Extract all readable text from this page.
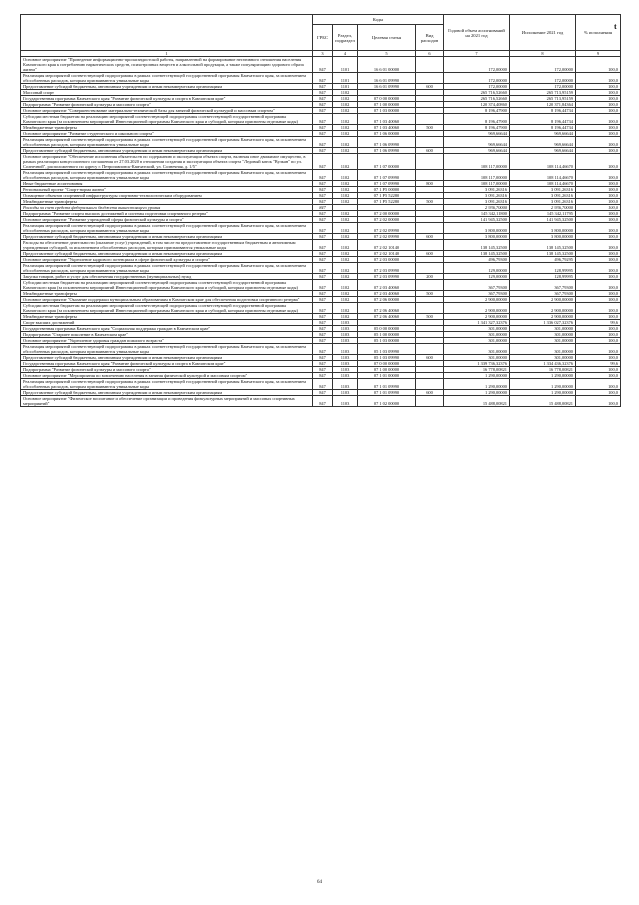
	Коды				Годовой объем ассигнований на 2021 год	Исполнение 2021 год	% исполнения
	ГРБС	Раздел, подраздел	Целевая статья	Вид расходов			
1	3	4	5	6	7	8	9
Основное мероприятие "Проведение информационно-пропагандистской работы, направленной на формирование негативного отношения населения Камчатского края к потреблению наркотических средств, психотропных веществ и алкогольной продукции, а также популяризацию здорового образа жизни"	847	1101	16 6 01 00000		172,00000	172,00000	100,0
Реализация мероприятий соответствующей подпрограммы в рамках соответствующей государственной программы Камчатского края, за исключением обособленных расходов, которым присваиваются уникальные коды	847	1101	16 6 01 09990		172,00000	172,00000	100,0
Предоставление субсидий бюджетным, автономным учреждениям и иным некоммерческим организациям	847	1101	16 6 01 09990	600	172,00000	172,00000	100,0
Массовый спорт	847	1102			265 716,52660	265 713,95159	100,0
Государственная программа Камчатского края "Развитие физической культуры и спорта в Камчатском крае"	847	1102	07 0 00 00000		265 716,52660	265 713,95159	100,0
Подпрограмма "Развитие физической культуры и массового спорта"	847	1102	07 1 00 00000		120 374,40860	120 371,84364	100,0
Основное мероприятие "Совершенствование материально-технической базы для занятий физической культурой и массовым спортом"	847	1102	07 1 03 00000		8 196,47900	8 196,44734	100,0
Субсидии местным бюджетам на реализацию мероприятий соответствующей подпрограммы соответствующей государственной программы Камчатского края (за исключением мероприятий Инвестиционной программы Камчатского края и субсидий, которым присвоены отдельные коды)	847	1102	07 1 03 40060		8 196,47900	8 196,44734	100,0
Межбюджетные трансферты	847	1102	07 1 03 40060	500	8 196,47900	8 196,44734	100,0
Основное мероприятие "Развитие студенческого и школьного спорта"	847	1102	07 1 06 00000		969,66644	969,66644	100,0
Реализация мероприятий соответствующей подпрограммы в рамках соответствующей государственной программы Камчатского края, за исключением обособленных расходов, которым присваиваются уникальные коды	847	1102	07 1 06 09990		969,66644	969,66644	100,0
Предоставление субсидий бюджетным, автономным учреждениям и иным некоммерческим организациям	847	1102	07 1 06 09990	600	969,66644	969,66644	100,0
Основное мероприятие "Обеспечение исполнения обязательств по содержанию и эксплуатации объекта спорта, включая иное движимое имущество, в рамках реализации концессионного соглашения от 27.03.2020 в отношении создания и эксплуатации объекта спорта "Ледовый каток "Вулкан" по ул. Солнечной", расположенного по адресу г. Петропавловск-Камчатский, ул. Солнечная, д. 1/5"	847	1102	07 1 07 00000		108 117,00000	108 114,46670	100,0
Реализация мероприятий соответствующей подпрограммы в рамках соответствующей государственной программы Камчатского края, за исключением обособленных расходов, которым присваиваются уникальные коды	847	1102	07 1 07 09990		108 117,00000	108 114,46670	100,0
Иные бюджетные ассигнования	847	1102	07 1 07 09990	800	108 117,00000	108 114,46670	100,0
Региональный проект "Спорт-норма жизни"	847	1102	07 1 P5 00000		3 091,26316	3 091,26316	100,0
Оснащение объектов спортивной инфраструктуры спортивно-технологическим оборудованием	847	1102	07 1 P5 52280		3 091,26316	3 091,26316	100,0
Межбюджетные трансферты	847	1102	07 1 P5 52280	500	3 091,26316	3 091,26316	100,0
Расходы за счет средств федерального бюджета вышестоящего уровня	847				2 936,70000	2 936,70000	100,0
Подпрограмма "Развитие спорта высших достижений и системы подготовки спортивного резерва"	847	1102	07 2 00 00000		145 342,11800	145 342,11795	100,0
Основное мероприятие "Развитие учреждений сферы физической культуры и спорта"	847	1102	07 2 02 00000		141 945,32500	141 945,32500	100,0
Реализация мероприятий соответствующей подпрограммы в рамках соответствующей государственной программы Камчатского края, за исключением обособленных расходов, которым присваиваются уникальные коды	847	1102	07 2 02 09990		3 800,00000	3 800,00000	100,0
Предоставление субсидий бюджетным, автономным учреждениям и иным некоммерческим организациям	847	1102	07 2 02 09990	600	3 800,00000	3 800,00000	100,0
Расходы на обеспечение деятельности (оказание услуг) учреждений, в том числе на предоставление государственным бюджетным и автономным учреждениям субсидий, за исключением обособленных расходов, которым присваиваются уникальные коды	847	1102	07 2 02 10140		138 145,32500	138 145,32500	100,0
Предоставление субсидий бюджетным, автономным учреждениям и иным некоммерческим организациям	847	1102	07 2 02 10140	600	138 145,32500	138 145,32500	100,0
Основное мероприятие "Укрепление кадрового потенциала в сфере физической культуры и спорта"	847	1102	07 2 03 00000		496,79300	496,79295	100,0
Реализация мероприятий соответствующей подпрограммы в рамках соответствующей государственной программы Камчатского края, за исключением обособленных расходов, которым присваиваются уникальные коды	847	1102	07 2 03 09990		129,00000	128,99995	100,0
Закупка товаров, работ и услуг для обеспечения государственных (муниципальных) нужд	847	1102	07 2 03 09990	200	129,00000	128,99995	100,0
Субсидии местным бюджетам на реализацию мероприятий соответствующей подпрограммы соответствующей государственной программы Камчатского края (за исключением мероприятий Инвестиционной программы Камчатского края и субсидий, которым присвоены отдельные коды)	847	1102	07 2 03 40060		367,79300	367,79300	100,0
Межбюджетные трансферты	847	1102	07 2 03 40060	500	367,79300	367,79300	100,0
Основное мероприятие "Оказание поддержки муниципальным образованиям в Камчатском крае для обеспечения подготовки спортивного резерва"	847	1102	07 2 06 00000		2 900,00000	2 900,00000	100,0
Субсидии местным бюджетам на реализацию мероприятий соответствующей подпрограммы соответствующей государственной программы Камчатского края (за исключением мероприятий Инвестиционной программы Камчатского края и субсидий, которым присвоены отдельные коды)	847	1102	07 2 06 40060		2 900,00000	2 900,00000	100,0
Межбюджетные трансферты	847	1102	07 2 06 40060	500	2 900,00000	2 900,00000	100,0
Спорт высших достижений	847	1103			1 341 327,32376	1 336 027,32376	99,6
Государственная программа Камчатского края "Социальная поддержка граждан в Камчатском крае"	847	1103	05 0 00 00000		301,00000	301,00000	100,0
Подпрограмма "Старшее поколение в Камчатском крае"	847	1103	05 1 00 00000		301,00000	301,00000	100,0
Основное мероприятие "Укрепление здоровья граждан пожилого возраста"	847	1103	05 1 03 00000		301,00000	301,00000	100,0
Реализация мероприятий соответствующей подпрограммы в рамках соответствующей государственной программы Камчатского края, за исключением обособленных расходов, которым присваиваются уникальные коды	847	1103	05 1 03 09990		301,00000	301,00000	100,0
Предоставление субсидий бюджетным, автономным учреждениям и иным некоммерческим организациям	847	1103	05 1 03 09990	600	301,00000	301,00000	100,0
Государственная программа Камчатского края "Развитие физической культуры и спорта в Камчатском крае"	847	1103	07 0 00 00000		1 339 736,32376	1 334 436,32376	99,6
Подпрограмма "Развитие физической культуры и массового спорта"	847	1103	07 1 00 00000		16 778,00821	16 778,00821	100,0
Основное мероприятие "Мероприятия по вовлечению населения в занятия физической культурой и массовым спортом"	847	1103	07 1 01 00000		1 290,00000	1 290,00000	100,0
Реализация мероприятий соответствующей подпрограммы в рамках соответствующей государственной программы Камчатского края, за исключением обособленных расходов, которым присваиваются уникальные коды	847	1103	07 1 01 09990		1 290,00000	1 290,00000	100,0
Предоставление субсидий бюджетным, автономным учреждениям и иным некоммерческим организациям	847	1103	07 1 01 09990	600	1 290,00000	1 290,00000	100,0
Основное мероприятие "Физическое воспитание и обеспечение организации и проведения физкультурных мероприятий и массовых спортивных мероприятий"	847	1103	07 1 02 00000		15 488,00821	15 488,00821	100,0
t
64
